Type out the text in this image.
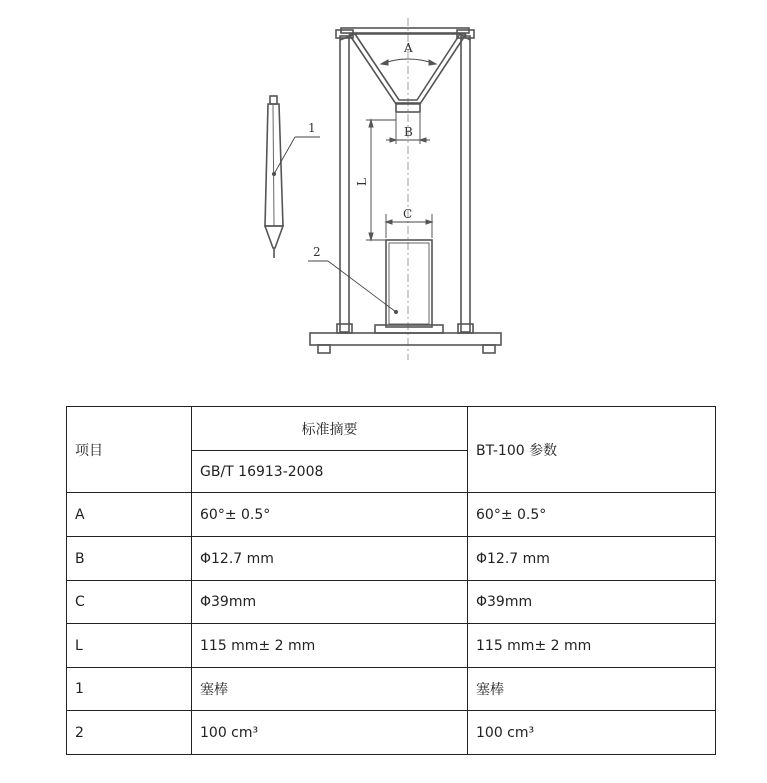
A
B
L
C
1
2
项目	标准摘要	BT-100 参数
	GB/T 16913-2008	
A	60°± 0.5°	60°± 0.5°
B	Φ12.7 mm	Φ12.7 mm
C	Φ39mm	Φ39mm
L	115 mm± 2 mm	115 mm± 2 mm
1	塞棒	塞棒
2	100 cm³	100 cm³
